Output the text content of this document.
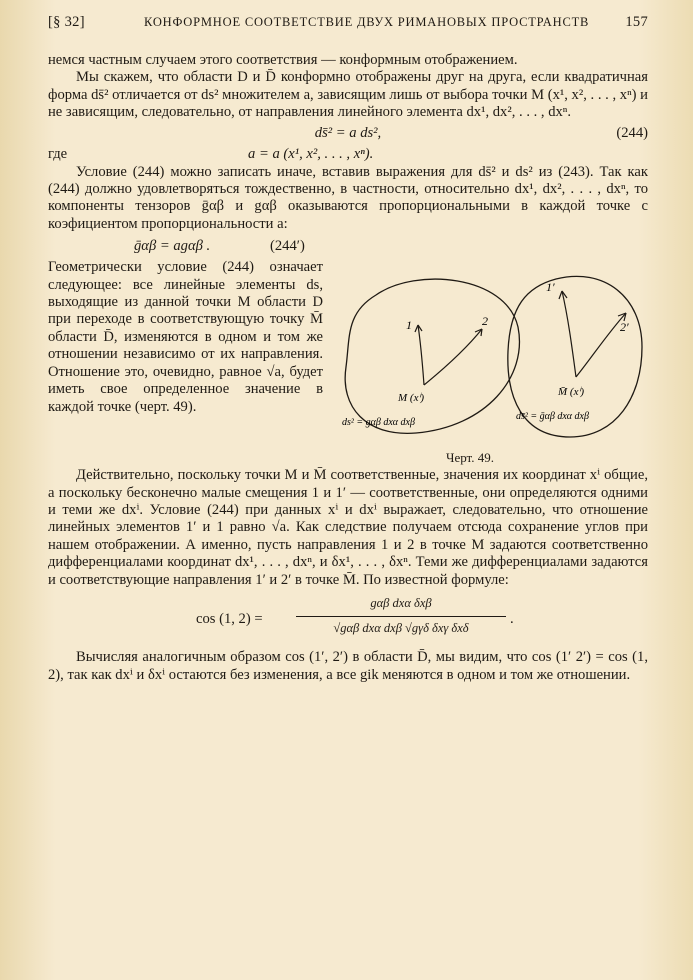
[§ 32]	КОНФОРМНОЕ СООТВЕТСТВИЕ ДВУХ РИМАНОВЫХ ПРОСТРАНСТВ 157

немся частным случаем этого соответствия — конформным отображением.

Мы скажем, что области D и D̄ конформно отображены друг на друга, если квадратичная форма ds̄² отличается от ds² множителем a, зависящим лишь от выбора точки M (x¹, x², . . . , xⁿ) и не зависящим, следовательно, от направления линейного элемента dx¹, dx², . . . , dxⁿ.

ds̄² = a ds²,	(244)
где	a = a (x¹, x², . . . , xⁿ).

Условие (244) можно записать иначе, вставив выражения для ds̄² и ds² из (243). Так как (244) должно удовлетворяться тождественно, в частности, относительно dx¹, dx², . . . , dxⁿ, то компоненты тензоров ḡαβ и gαβ оказываются пропорциональными в каждой точке с коэфициентом пропорциональности a:

ḡαβ = agαβ .	(244′)

Геометрически условие (244) означает следующее: все линейные элементы ds, выходящие из данной точки M области D при переходе в соответствующую точку M̄ области D̄, изменяются в одном и том же отношении независимо от их направления. Отношение это, очевидно, равное √a, будет иметь свое определенное значение в каждой точке (черт. 49).

1	2
M (xⁱ)
ds² = gαβ dxα dxβ
1′
2′
M̄ (xⁱ)
ds̄² = ḡαβ dxα dxβ
Черт. 49.

Действительно, поскольку точки M и M̄ соответственные, значения их координат xⁱ общие, а поскольку бесконечно малые смещения 1 и 1′ — соответственные, они определяются одними и теми же dxⁱ. Условие (244) при данных xⁱ и dxⁱ выражает, следовательно, что отношение линейных элементов 1′ и 1 равно √a. Как следствие получаем отсюда сохранение углов при нашем отображении. А именно, пусть направления 1 и 2 в точке M задаются соответственно дифференциалами координат dx¹, . . . , dxⁿ, и δx¹, . . . , δxⁿ. Теми же дифференциалами задаются и соответствующие направления 1′ и 2′ в точке M̄. По известной формуле:

cos (1, 2) =
gαβ dxα δxβ
√gαβ dxα dxβ √gγδ δxγ δxδ
.

Вычисляя аналогичным образом cos (1′, 2′) в области D̄, мы видим, что cos (1′ 2′) = cos (1, 2), так как dxⁱ и δxⁱ остаются без изменения, а все gik меняются в одном и том же отношении.
